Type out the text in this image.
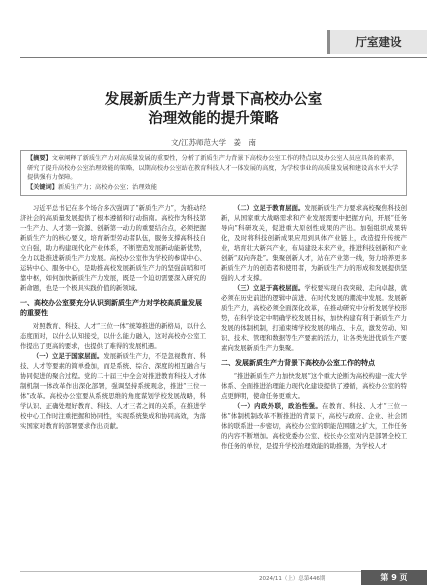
厅室建设
发展新质生产力背景下高校办公室
治理效能的提升策略
文/江苏师范大学　姜　南

【摘要】文章阐释了新质生产力对高质量发展的重要性，分析了新质生产力背景下高校办公室工作的特点以及办公室人员应具备的素养，研究了提升高校办公室治理效能的策略，以期高校办公室站在教育科技人才一体发展的高度，为学校事业的高质量发展和建设高水平大学提供强有力保障。

【关键词】新质生产力；高校办公室；治理效能

习近平总书记在多个场合多次强调了“新质生产力”，为推动经济社会的高质量发展提供了根本遵循和行动指南。高校作为科技第一生产力、人才第一资源、创新第一动力的重要结合点，必须把握新质生产力的核心要义，培育新型劳动者队伍，服务支撑高科技自立自强，助力构建现代化产业体系，不断塑造发展新动能新优势，全力以赴推进新质生产力发展。高校办公室作为学校的参谋中心、运转中心、服务中心，是助推高校发展新质生产力的坚强前哨和可靠中枢，如何加快新质生产力发展，既是一个迫切需要深入研究的新命题，也是一个极具实践价值的新领域。

一、高校办公室要充分认识到新质生产力对学校高质量发展的重要性

对照教育、科技、人才“三位一体”统筹推进的新格局，以什么态度面对，以什么认知接受，以什么能力融入，这对高校办公室工作提出了更高的要求，也提供了难得的发展机遇。

（一）立足于国家层面。发展新质生产力，不是忽视教育、科技、人才等要素的简单叠加，而是系统、综合、深度的相互融合与协同促进的聚合过程。党的二十届三中全会对推进教育科技人才体制机制一体改革作出深化部署，强调坚持系统观念，推进“三位一体”改革。高校办公室要从系统思维的角度谋划学校发展战略，科学认识、正确处理好教育、科技、人才三者之间的关系，在推进学校中心工作时注重把握和协同性，实现系统集成和协同高效，为落实国家对教育的部署要求作出贡献。

（二）立足于教育层面。发展新质生产力要求高校聚焦科技创新，从国家重大战略需求和产业发展需要中把握方向，开展“任务导向”科研攻关，促进重大原创性成果的产出。加强组织成果转化，及时将科技创新成果应用到具体产业链上，改造提升传统产业，培育壮大新兴产业，布局建设未来产业，推进科技创新和产业创新“双向奔赴”。集聚创新人才，站在产业第一线，努力培养更多新质生产力的创造者和使用者，为新质生产力的形成和发展提供坚强的人才支撑。

（三）立足于高校层面。学校要实现自我突破、走向卓越，就必须在历史前进的逻辑中前进、在时代发展的潮流中发展。发展新质生产力，高校必须全面深化改革，在推动研究中分析发展学校形势，在科学设定中明确学校发展目标，加快构建有利于新质生产力发展的体制机制，打通束缚学校发展的堵点、卡点，激发劳动、知识、技术、管理和数据等生产要素的活力，让各类先进优质生产要素向发展新质生产力集聚。

二、发展新质生产力背景下高校办公室工作的特点

“推进新质生产力加快发展”这个重大论断为高校构建一流大学体系、全面推进治理能力现代化建设提供了遵循，高校办公室的特点更鲜明，使命任务更重大。

（一）内政外联，政治性强。在教育、科技、人才“三位一体”体制机制改革不断推进的背景下，高校与政府、企业、社会团体的联系进一步密切，高校办公室的职能范围随之扩大，工作任务的内容不断增加。高校党委办公室、校长办公室对内是部署全校工作任务的单位，是提升学校治理效能的助推器，为学校人才

2024/11（上）总第446期	第 9 页
